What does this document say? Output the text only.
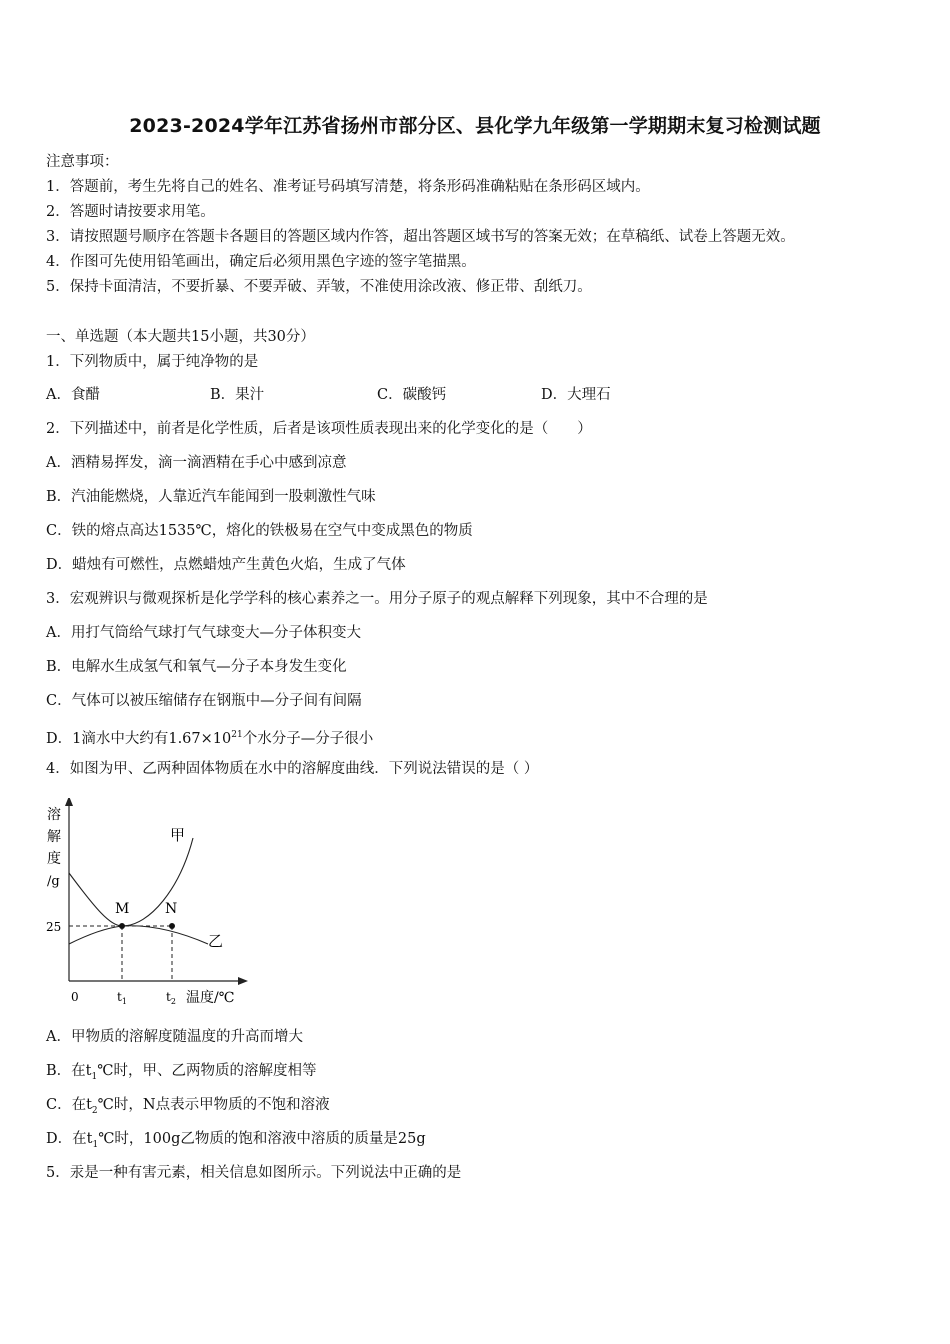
2023-2024学年江苏省扬州市部分区、县化学九年级第一学期期末复习检测试题
注意事项：
1．答题前，考生先将自己的姓名、准考证号码填写清楚，将条形码准确粘贴在条形码区域内。
2．答题时请按要求用笔。
3．请按照题号顺序在答题卡各题目的答题区域内作答，超出答题区域书写的答案无效；在草稿纸、试卷上答题无效。
4．作图可先使用铅笔画出，确定后必须用黑色字迹的签字笔描黑。
5．保持卡面清洁，不要折暴、不要弄破、弄皱，不准使用涂改液、修正带、刮纸刀。
一、单选题（本大题共15小题，共30分）
1．下列物质中，属于纯净物的是
A．食醋	B．果汁	C．碳酸钙	D．大理石
2．下列描述中，前者是化学性质，后者是该项性质表现出来的化学变化的是（　　）
A．酒精易挥发，滴一滴酒精在手心中感到凉意
B．汽油能燃烧，人靠近汽车能闻到一股刺激性气味
C．铁的熔点高达1535℃，熔化的铁极易在空气中变成黑色的物质
D．蜡烛有可燃性，点燃蜡烛产生黄色火焰，生成了气体
3．宏观辨识与微观探析是化学学科的核心素养之一。用分子原子的观点解释下列现象，其中不合理的是
A．用打气筒给气球打气气球变大—分子体积变大
B．电解水生成氢气和氧气—分子本身发生变化
C．气体可以被压缩储存在钢瓶中—分子间有间隔
D．1滴水中大约有$1.67\times 10^{21}$个水分子—分子很小
4．如图为甲、乙两种固体物质在水中的溶解度曲线．下列说法错误的是（ ）
溶
解
度
/g
25
0
M	N
甲
乙
$t_1$	$t_2$ 温度/℃
A．甲物质的溶解度随温度的升高而增大
B．在$t_1℃$时，甲、乙两物质的溶解度相等
C．在$t_2℃$时，N点表示甲物质的不饱和溶液
D．在$t_1℃$时，100g乙物质的饱和溶液中溶质的质量是25g
5．汞是一种有害元素，相关信息如图所示。下列说法中正确的是
